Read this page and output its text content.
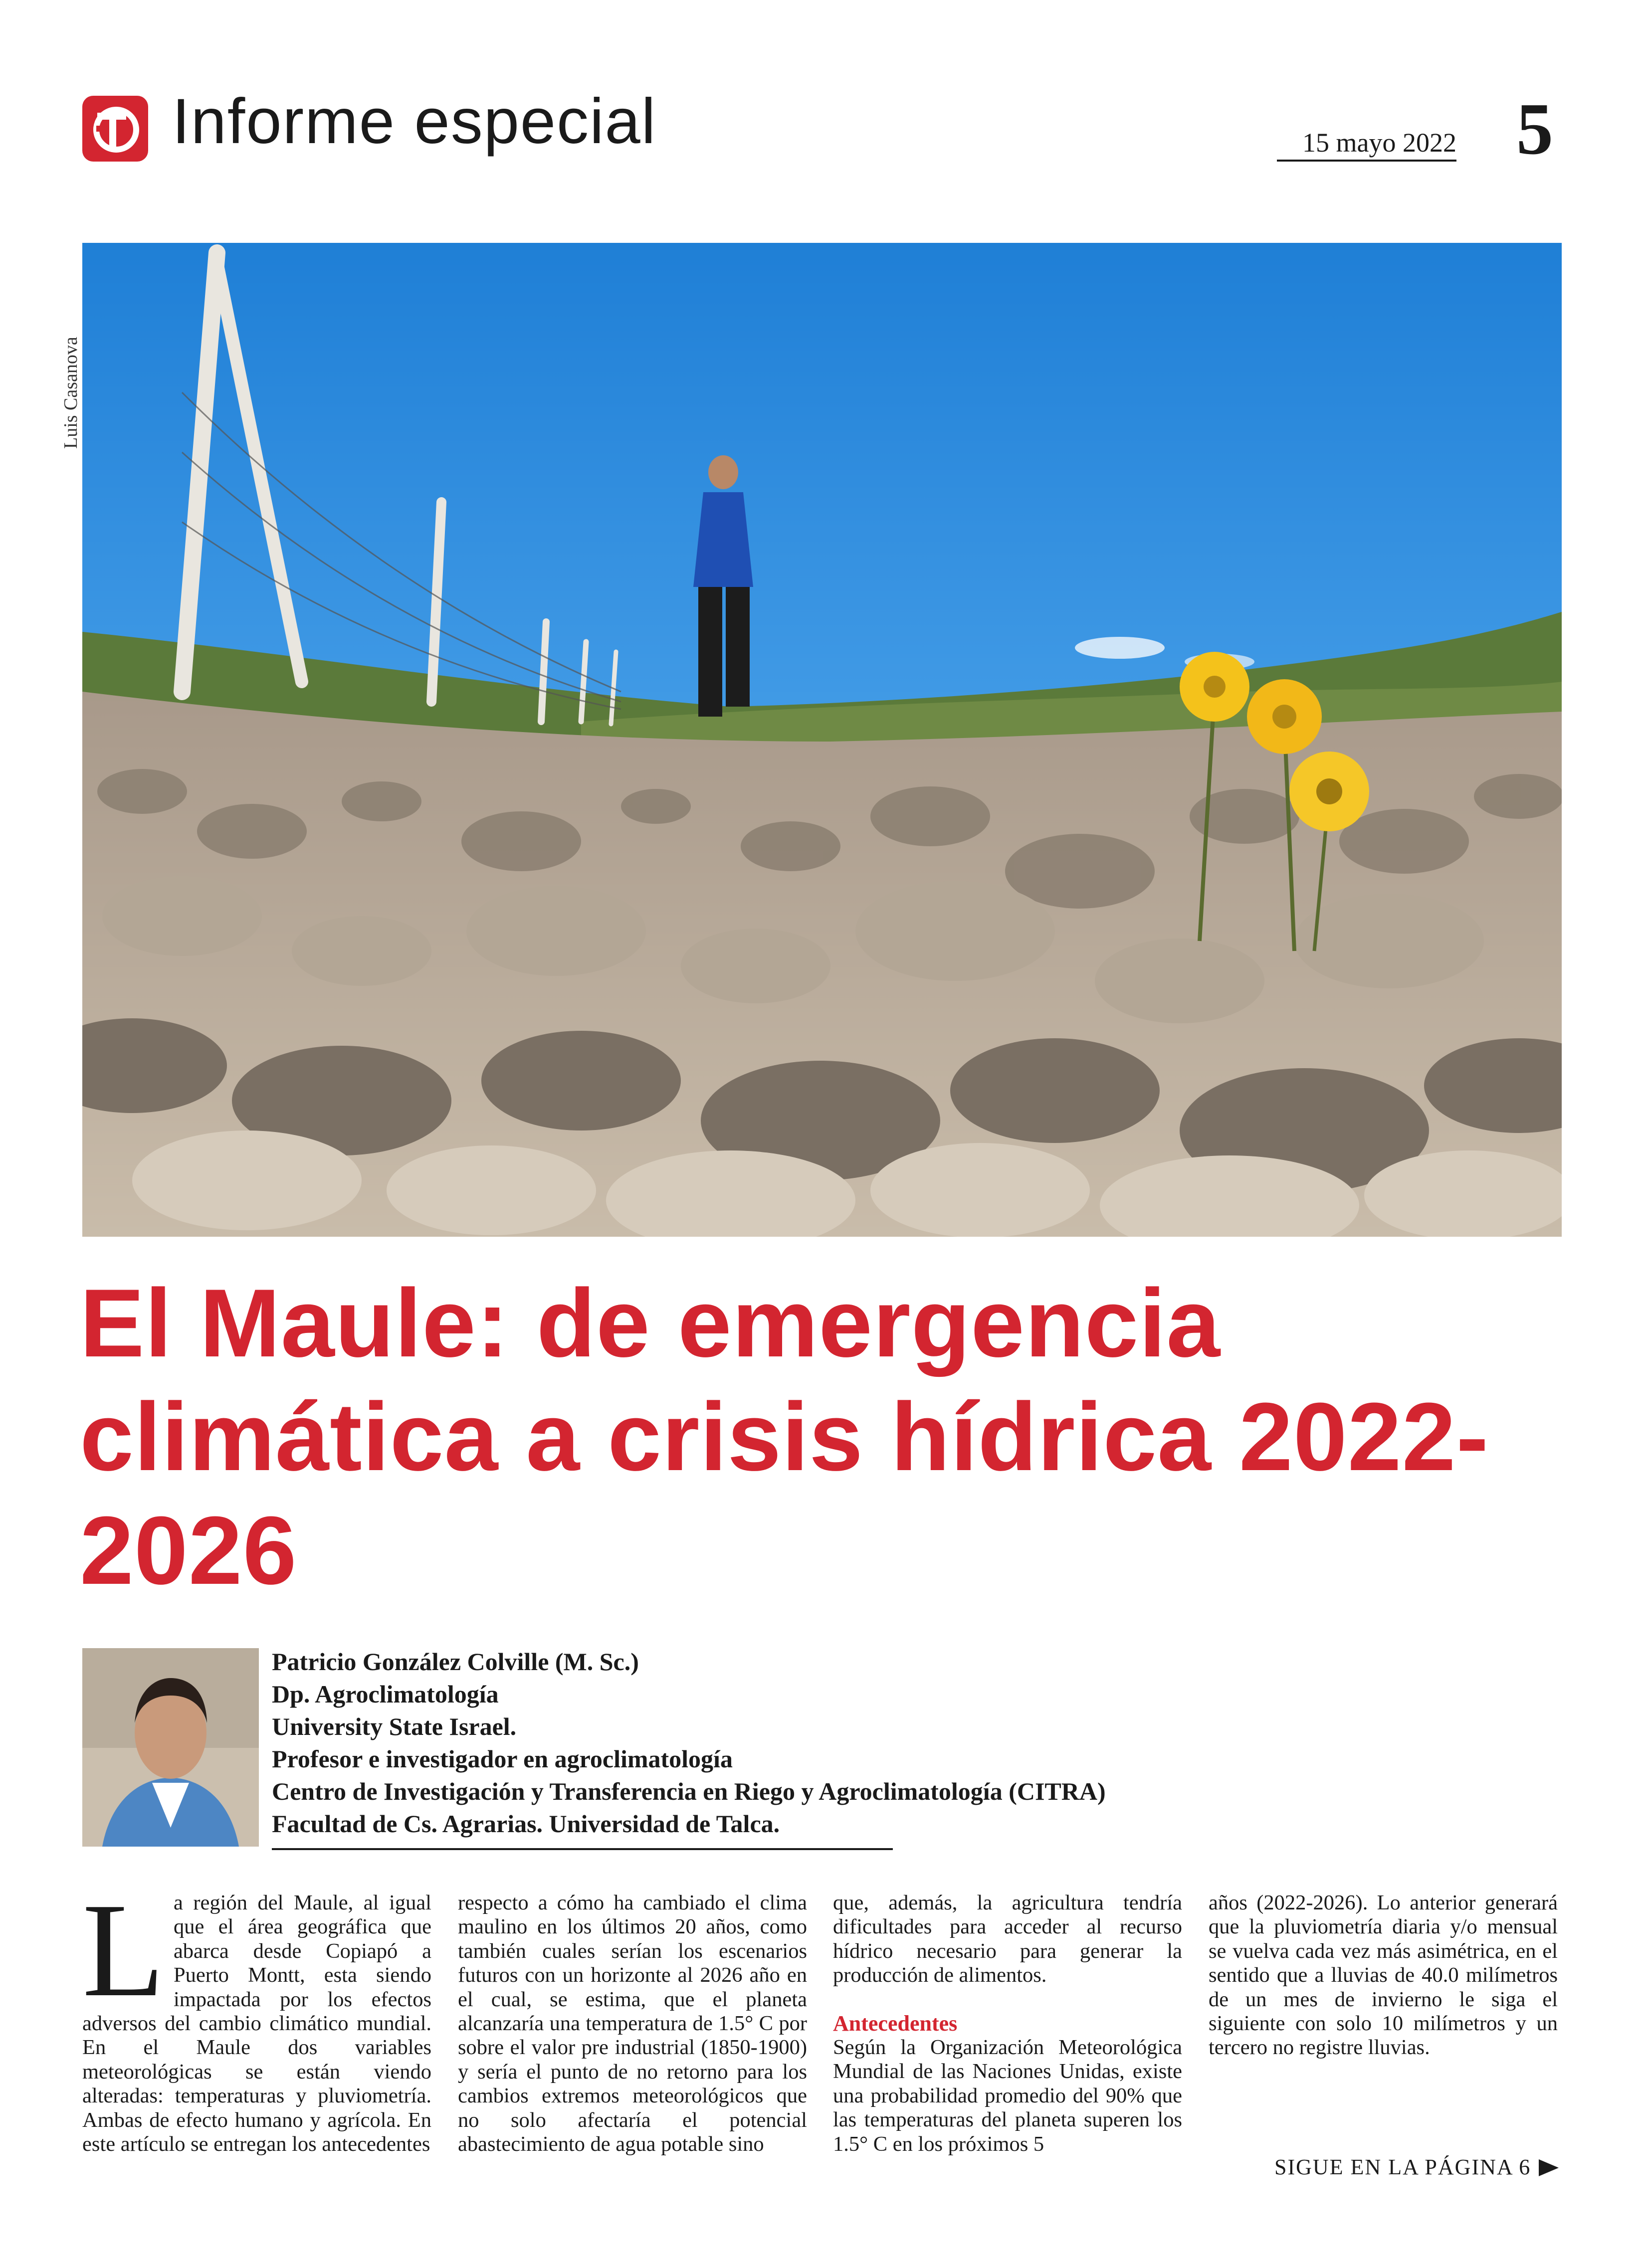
Informe especial	15 mayo 2022 5
Luis Casanova
El Maule: de emergencia climática a crisis hídrica 2022-2026
Patricio González Colville (M. Sc.)
Dp. Agroclimatología
University State Israel.
Profesor e investigador en agroclimatología
Centro de Investigación y Transferencia en Riego y Agroclimatología (CITRA)
Facultad de Cs. Agrarias. Universidad de Talca.
L a región del Maule, al igual que el área geográfica que abarca desde Copiapó a Puerto Montt, esta siendo impactada por los efectos adversos del cambio climático mundial. En el Maule dos variables meteorológicas se están viendo alteradas: temperaturas y pluviometría. Ambas de efecto humano y agrícola. En este artículo se entregan los antecedentes
respecto a cómo ha cambiado el clima maulino en los últimos 20 años, como también cuales serían los escenarios futuros con un horizonte al 2026 año en el cual, se estima, que el planeta alcanzaría una temperatura de 1.5° C por sobre el valor pre industrial (1850-1900) y sería el punto de no retorno para los cambios extremos meteorológicos que no solo afectaría el potencial abastecimiento de agua potable sino
que, además, la agricultura tendría dificultades para acceder al recurso hídrico necesario para generar la producción de alimentos.
Antecedentes
Según la Organización Meteorológica Mundial de las Naciones Unidas, existe una probabilidad promedio del 90% que las temperaturas del planeta superen los 1.5° C en los próximos 5
años (2022-2026). Lo anterior generará que la pluviometría diaria y/o mensual se vuelva cada vez más asimétrica, en el sentido que a lluvias de 40.0 milímetros de un mes de invierno le siga el siguiente con solo 10 milímetros y un tercero no registre lluvias.
SIGUE EN LA PÁGINA 6
